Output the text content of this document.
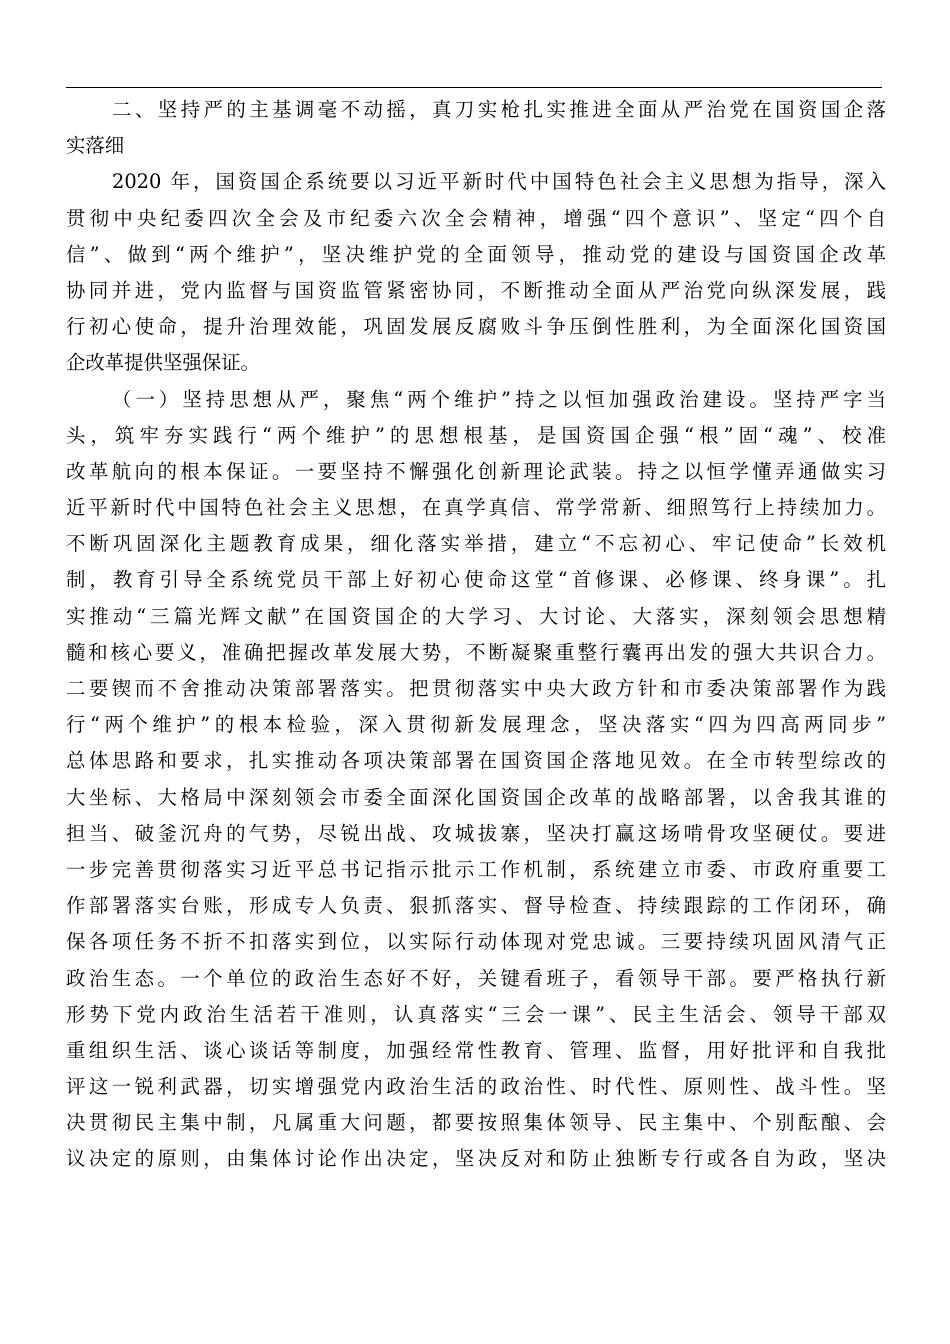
二、坚持严的主基调毫不动摇，真刀实枪扎实推进全面从严治党在国资国企落
实落细
2020 年，国资国企系统要以习近平新时代中国特色社会主义思想为指导，深入
贯彻中央纪委四次全会及市纪委六次全会精神，增强“四个意识”、坚定“四个自
信”、做到“两个维护”，坚决维护党的全面领导，推动党的建设与国资国企改革
协同并进，党内监督与国资监管紧密协同，不断推动全面从严治党向纵深发展，践
行初心使命，提升治理效能，巩固发展反腐败斗争压倒性胜利，为全面深化国资国
企改革提供坚强保证。
（一）坚持思想从严，聚焦“两个维护”持之以恒加强政治建设。坚持严字当
头，筑牢夯实践行“两个维护”的思想根基，是国资国企强“根”固“魂”、校准
改革航向的根本保证。一要坚持不懈强化创新理论武装。持之以恒学懂弄通做实习
近平新时代中国特色社会主义思想，在真学真信、常学常新、细照笃行上持续加力。
不断巩固深化主题教育成果，细化落实举措，建立“不忘初心、牢记使命”长效机
制，教育引导全系统党员干部上好初心使命这堂“首修课、必修课、终身课”。扎
实推动“三篇光辉文献”在国资国企的大学习、大讨论、大落实，深刻领会思想精
髓和核心要义，准确把握改革发展大势，不断凝聚重整行囊再出发的强大共识合力。
二要锲而不舍推动决策部署落实。把贯彻落实中央大政方针和市委决策部署作为践
行“两个维护”的根本检验，深入贯彻新发展理念，坚决落实“四为四高两同步”
总体思路和要求，扎实推动各项决策部署在国资国企落地见效。在全市转型综改的
大坐标、大格局中深刻领会市委全面深化国资国企改革的战略部署，以舍我其谁的
担当、破釜沉舟的气势，尽锐出战、攻城拔寨，坚决打赢这场啃骨攻坚硬仗。要进
一步完善贯彻落实习近平总书记指示批示工作机制，系统建立市委、市政府重要工
作部署落实台账，形成专人负责、狠抓落实、督导检查、持续跟踪的工作闭环，确
保各项任务不折不扣落实到位，以实际行动体现对党忠诚。三要持续巩固风清气正
政治生态。一个单位的政治生态好不好，关键看班子，看领导干部。要严格执行新
形势下党内政治生活若干准则，认真落实“三会一课”、民主生活会、领导干部双
重组织生活、谈心谈话等制度，加强经常性教育、管理、监督，用好批评和自我批
评这一锐利武器，切实增强党内政治生活的政治性、时代性、原则性、战斗性。坚
决贯彻民主集中制，凡属重大问题，都要按照集体领导、民主集中、个别酝酿、会
议决定的原则，由集体讨论作出决定，坚决反对和防止独断专行或各自为政，坚决
